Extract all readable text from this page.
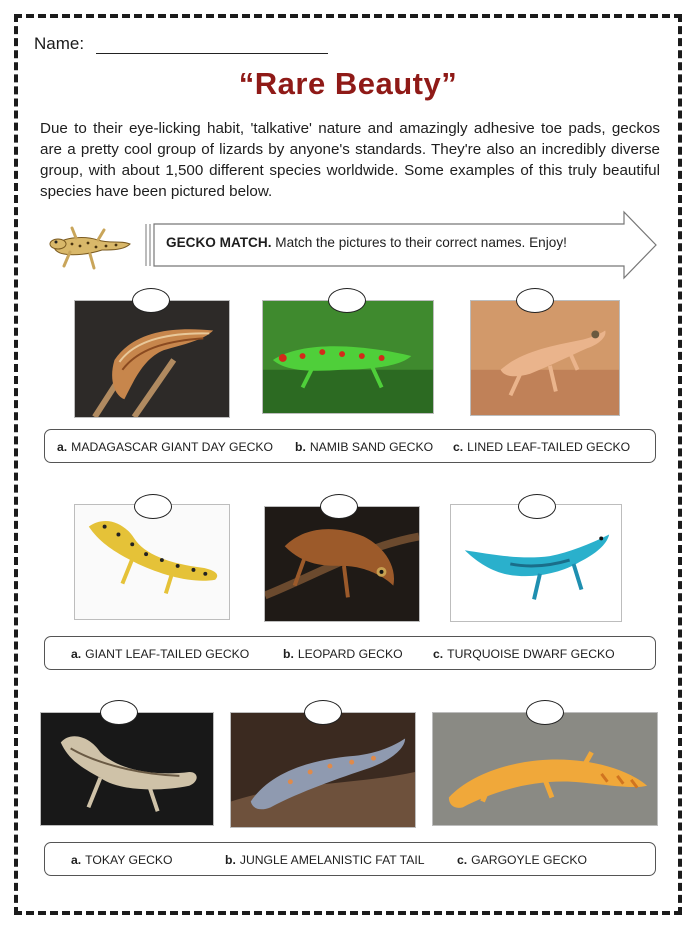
Name:
“Rare Beauty”

Due to their eye-licking habit, 'talkative' nature and amazingly adhesive toe pads, geckos are a pretty cool group of lizards by anyone's standards. They're also an incredibly diverse group, with about 1,500 different species worldwide. Some examples of this truly beautiful species have been pictured below.

GECKO MATCH. Match the pictures to their correct names. Enjoy!
a. MADAGASCAR GIANT DAY GECKO b. NAMIB SAND GECKO c. LINED LEAF-TAILED GECKO
a. GIANT LEAF-TAILED GECKO	b. LEOPARD GECKO c. TURQUOISE DWARF GECKO
a. TOKAY GECKO	b. JUNGLE AMELANISTIC FAT TAIL	c. GARGOYLE GECKO
